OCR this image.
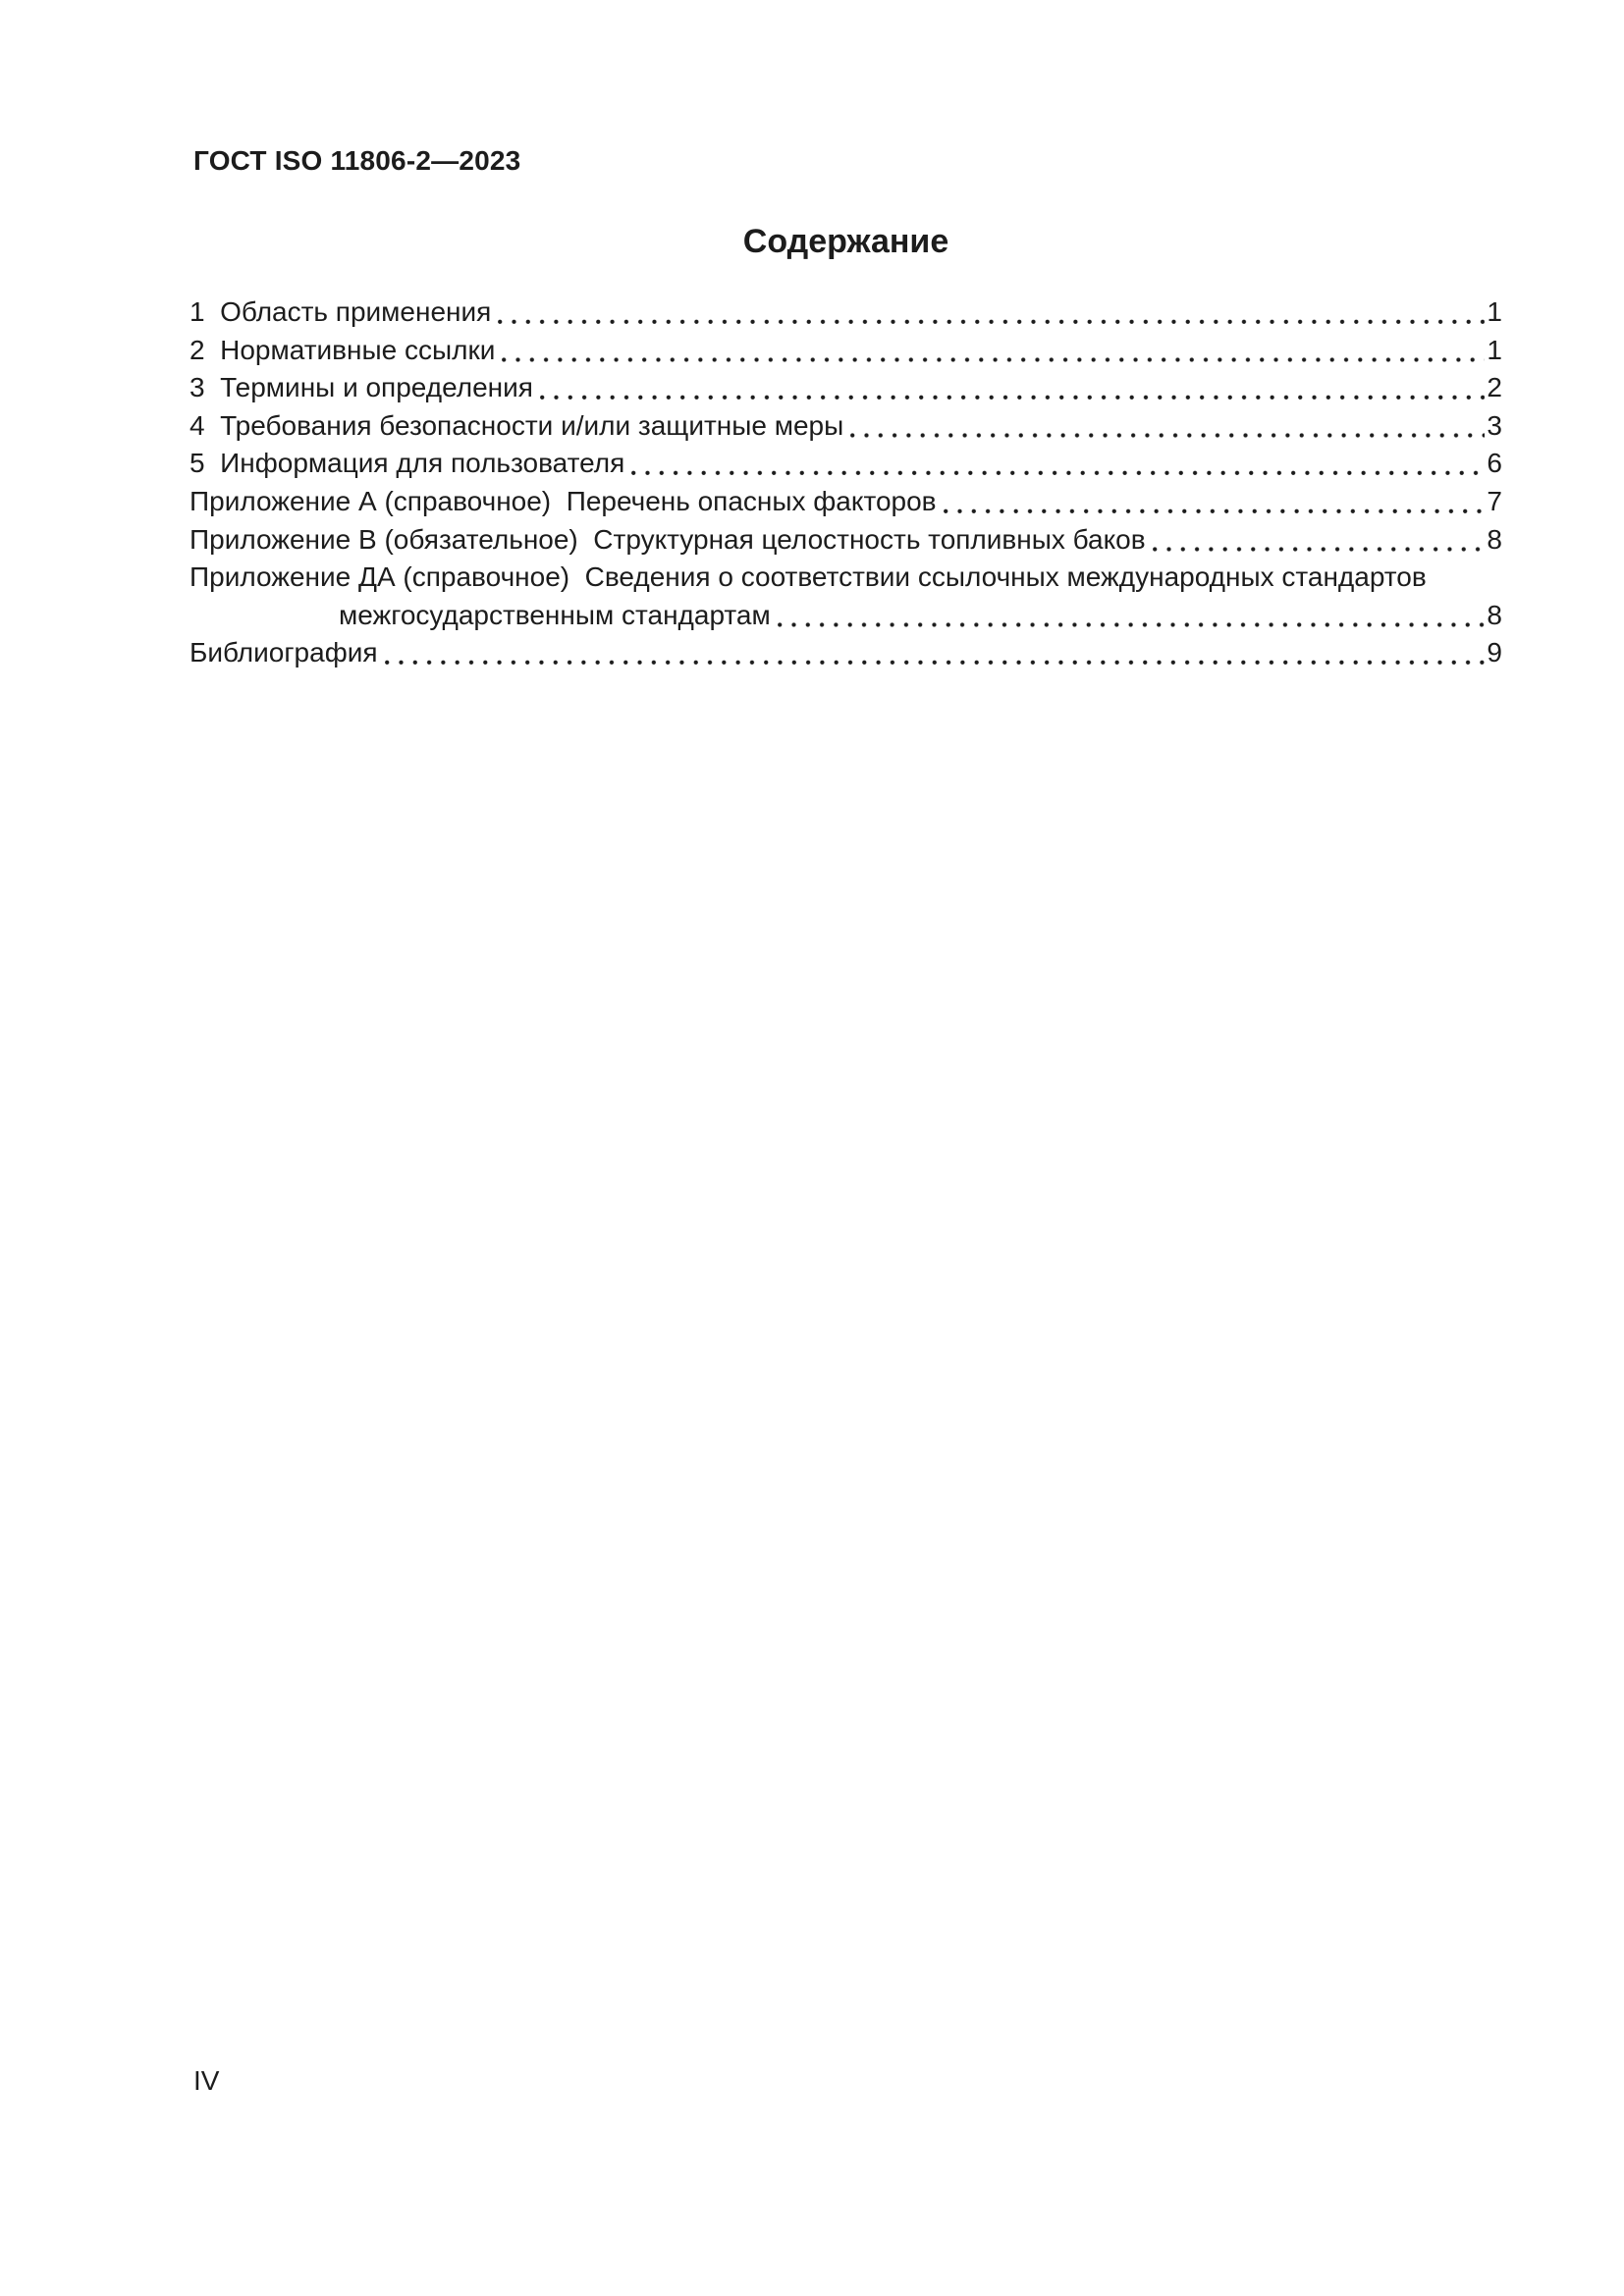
ГОСТ ISO 11806-2—2023
Содержание
1  Область применения	1
2  Нормативные ссылки	1
3  Термины и определения	2
4  Требования безопасности и/или защитные меры	3
5  Информация для пользователя	6
Приложение А (справочное)  Перечень опасных факторов	7
Приложение В (обязательное)  Структурная целостность топливных баков	8
Приложение ДА (справочное)  Сведения о соответствии ссылочных международных стандартов
межгосударственным стандартам	8
Библиография	9
IV
